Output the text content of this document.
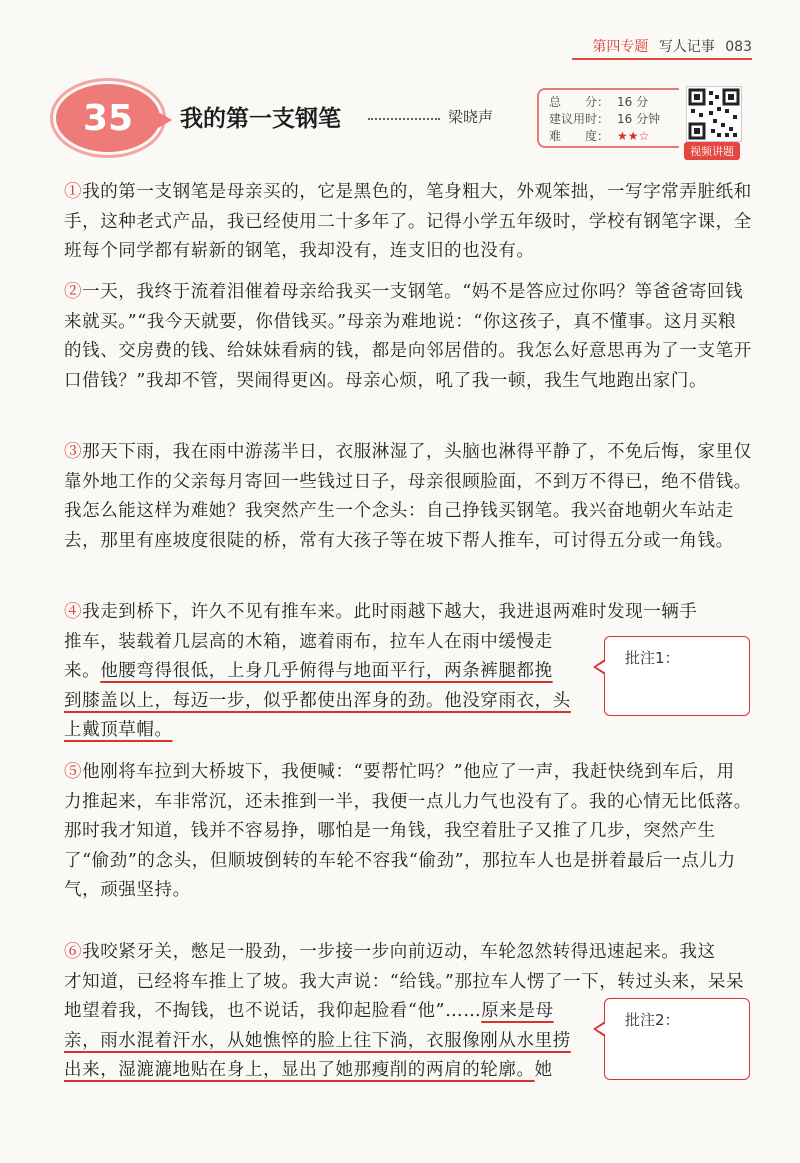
第四专题 写人记事 083
35	我的第一支钢笔	梁晓声
总　　分： 16 分
建议用时： 16 分钟
难　　度： ★★☆
视频讲题
①我的第一支钢笔是母亲买的，它是黑色的，笔身粗大，外观笨拙，一写字常弄脏纸和手，这种老式产品，我已经使用二十多年了。记得小学五年级时，学校有钢笔字课，全班每个同学都有崭新的钢笔，我却没有，连支旧的也没有。
②一天，我终于流着泪催着母亲给我买一支钢笔。“妈不是答应过你吗？等爸爸寄回钱来就买。”“我今天就要，你借钱买。”母亲为难地说：“你这孩子，真不懂事。这月买粮的钱、交房费的钱、给妹妹看病的钱，都是向邻居借的。我怎么好意思再为了一支笔开口借钱？”我却不管，哭闹得更凶。母亲心烦，吼了我一顿，我生气地跑出家门。
③那天下雨，我在雨中游荡半日，衣服淋湿了，头脑也淋得平静了，不免后悔，家里仅靠外地工作的父亲每月寄回一些钱过日子，母亲很顾脸面，不到万不得已，绝不借钱。我怎么能这样为难她？我突然产生一个念头：自己挣钱买钢笔。我兴奋地朝火车站走去，那里有座坡度很陡的桥，常有大孩子等在坡下帮人推车，可讨得五分或一角钱。
④我走到桥下，许久不见有推车来。此时雨越下越大，我进退两难时发现一辆手
推车，装载着几层高的木箱，遮着雨布，拉车人在雨中缓慢走
来。他腰弯得很低，上身几乎俯得与地面平行，两条裤腿都挽
到膝盖以上，每迈一步，似乎都使出浑身的劲。他没穿雨衣，头
上戴顶草帽。
批注1：
⑤他刚将车拉到大桥坡下，我便喊：“要帮忙吗？”他应了一声，我赶快绕到车后，用力推起来，车非常沉，还未推到一半，我便一点儿力气也没有了。我的心情无比低落。那时我才知道，钱并不容易挣，哪怕是一角钱，我空着肚子又推了几步，突然产生了“偷劲”的念头，但顺坡倒转的车轮不容我“偷劲”，那拉车人也是拼着最后一点儿力气，顽强坚持。
⑥我咬紧牙关，憋足一股劲，一步接一步向前迈动，车轮忽然转得迅速起来。我这
才知道，已经将车推上了坡。我大声说：“给钱。”那拉车人愣了一下，转过头来，呆呆
地望着我，不掏钱，也不说话，我仰起脸看“他”……原来是母
亲，雨水混着汗水，从她憔悴的脸上往下淌，衣服像刚从水里捞
出来，湿漉漉地贴在身上，显出了她那瘦削的两肩的轮廓。她
批注2：
